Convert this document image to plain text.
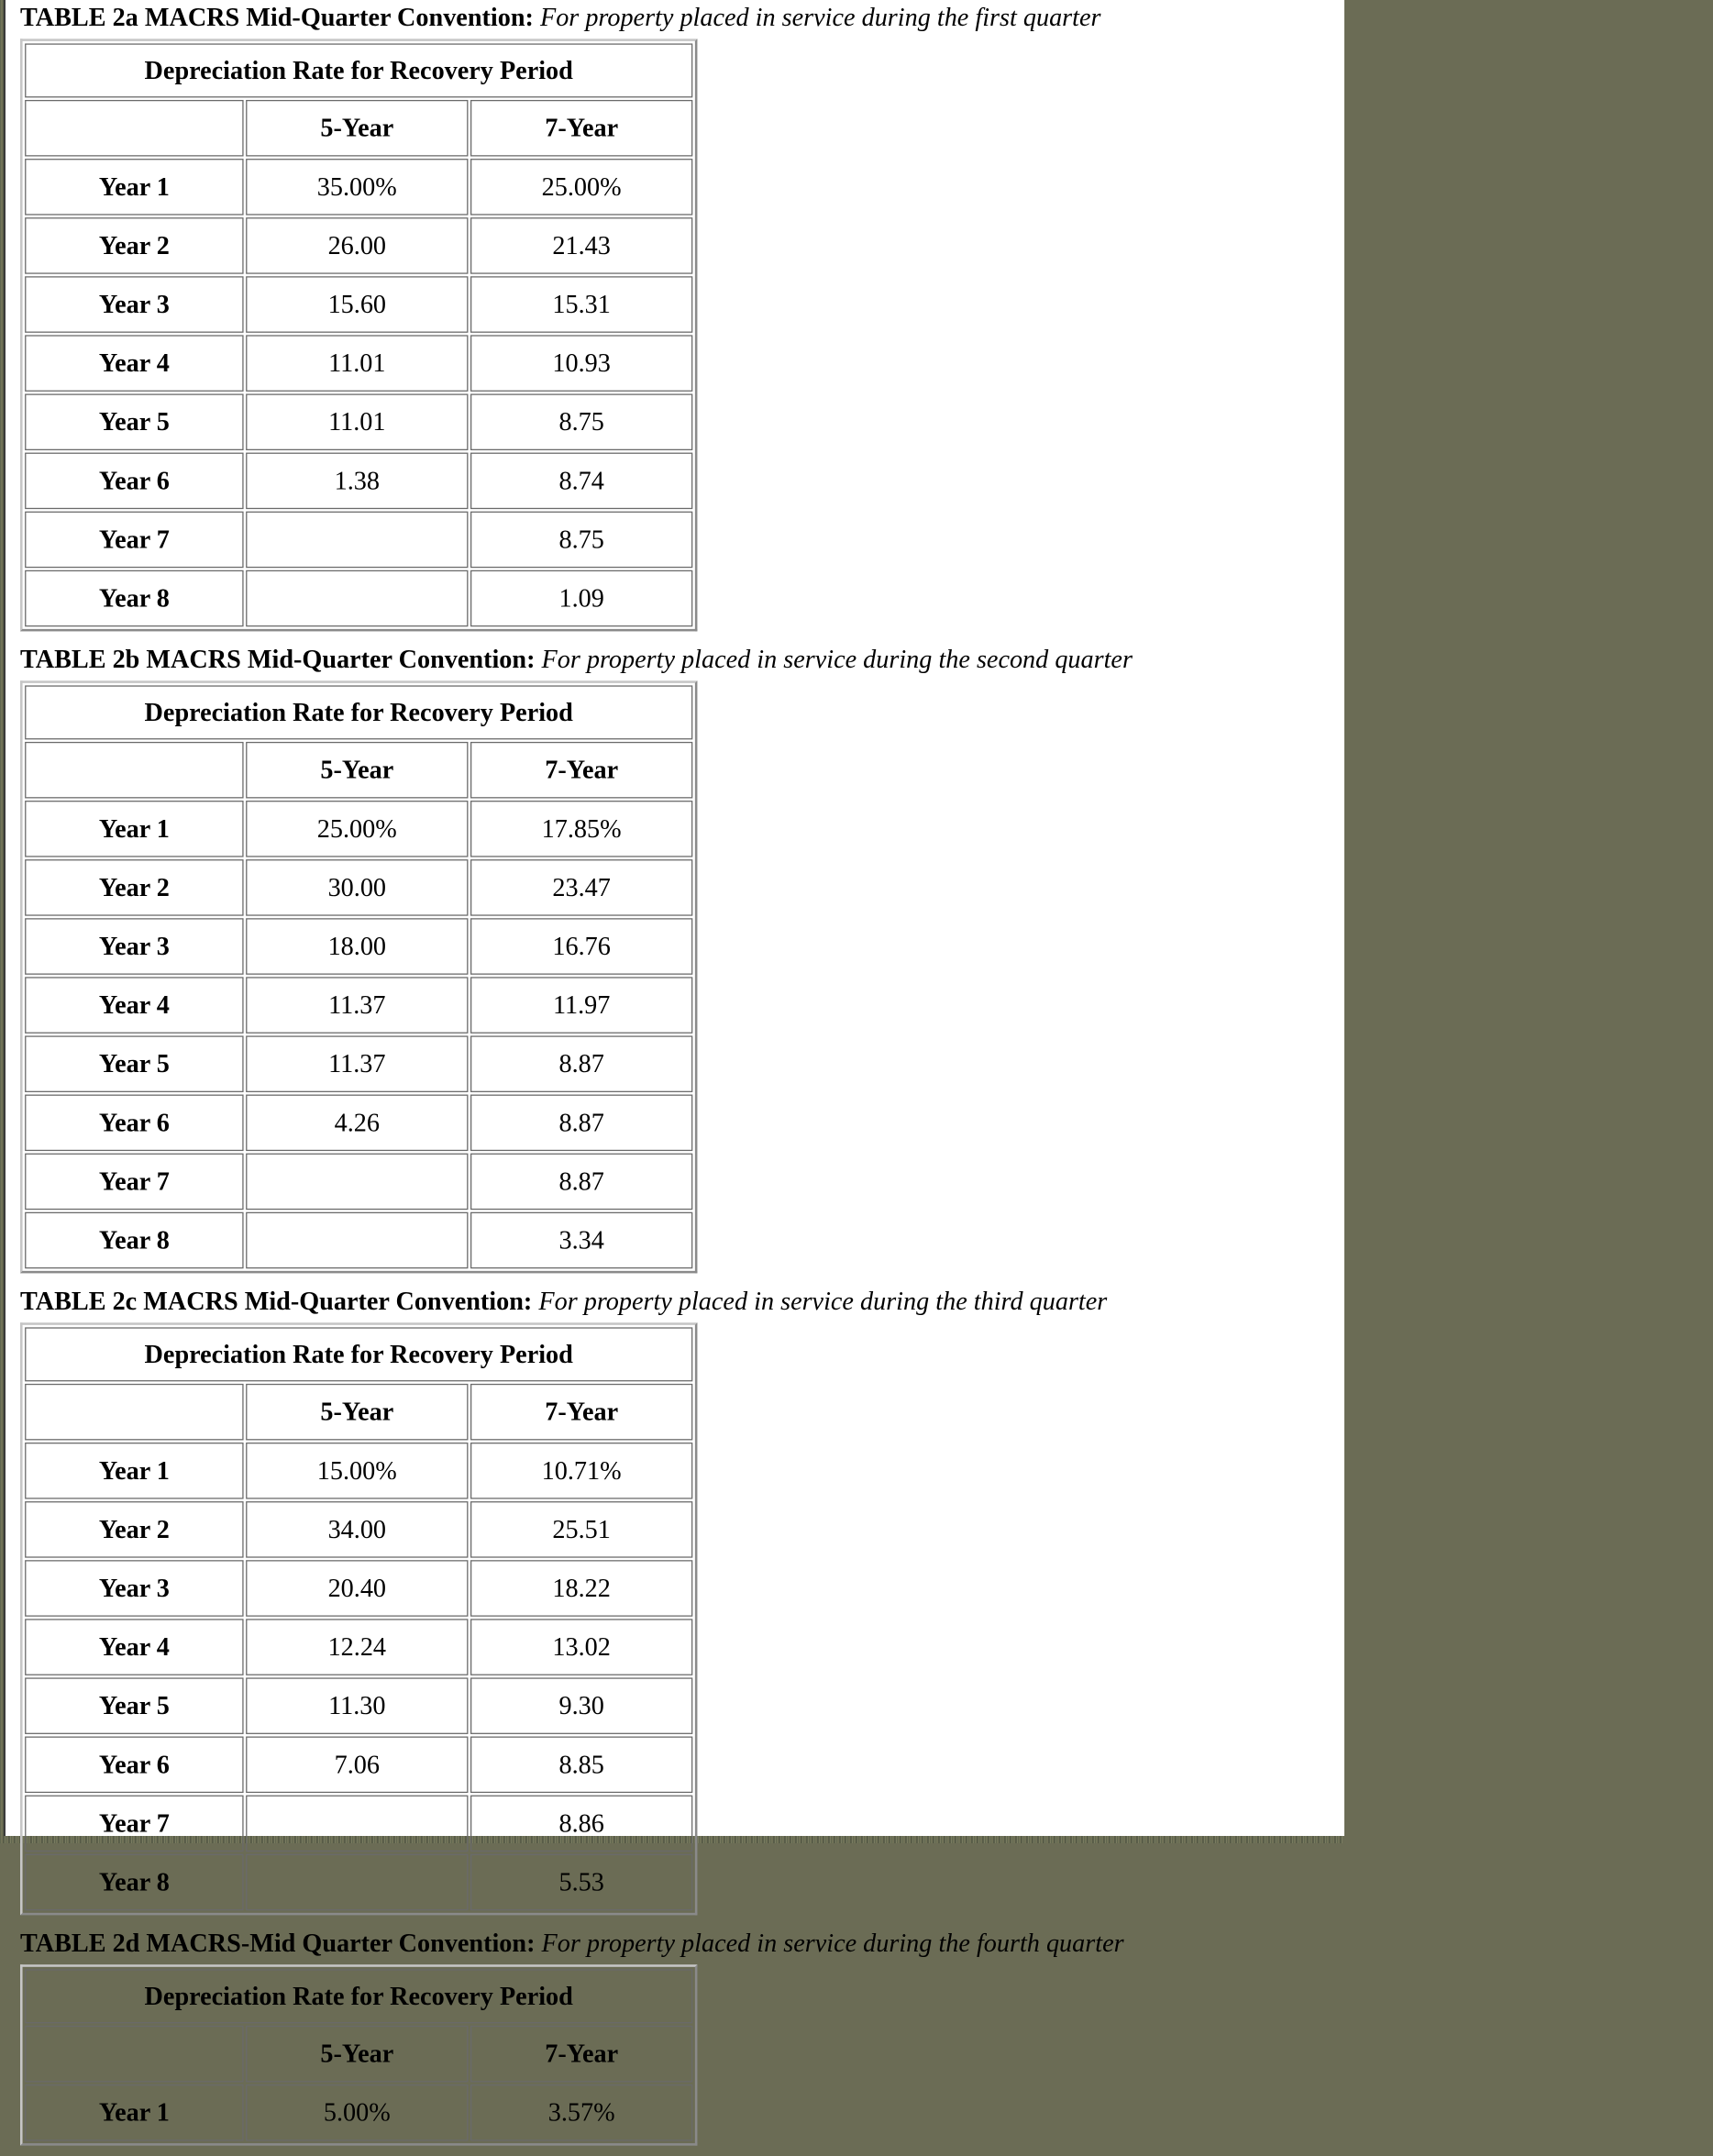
TABLE 2a MACRS Mid-Quarter Convention: For property placed in service during the first quarter
Depreciation Rate for Recovery Period		
	5-Year	7-Year
Year 1	35.00%	25.00%
Year 2	26.00	21.43
Year 3	15.60	15.31
Year 4	11.01	10.93
Year 5	11.01	8.75
Year 6	1.38	8.74
Year 7		8.75
Year 8		1.09
TABLE 2b MACRS Mid-Quarter Convention: For property placed in service during the second quarter
Depreciation Rate for Recovery Period		
	5-Year	7-Year
Year 1	25.00%	17.85%
Year 2	30.00	23.47
Year 3	18.00	16.76
Year 4	11.37	11.97
Year 5	11.37	8.87
Year 6	4.26	8.87
Year 7		8.87
Year 8		3.34
TABLE 2c MACRS Mid-Quarter Convention: For property placed in service during the third quarter
Depreciation Rate for Recovery Period		
	5-Year	7-Year
Year 1	15.00%	10.71%
Year 2	34.00	25.51
Year 3	20.40	18.22
Year 4	12.24	13.02
Year 5	11.30	9.30
Year 6	7.06	8.85
Year 7		8.86
Year 8		5.53
TABLE 2d MACRS-Mid Quarter Convention: For property placed in service during the fourth quarter
Depreciation Rate for Recovery Period		
	5-Year	7-Year
Year 1	5.00%	3.57%
